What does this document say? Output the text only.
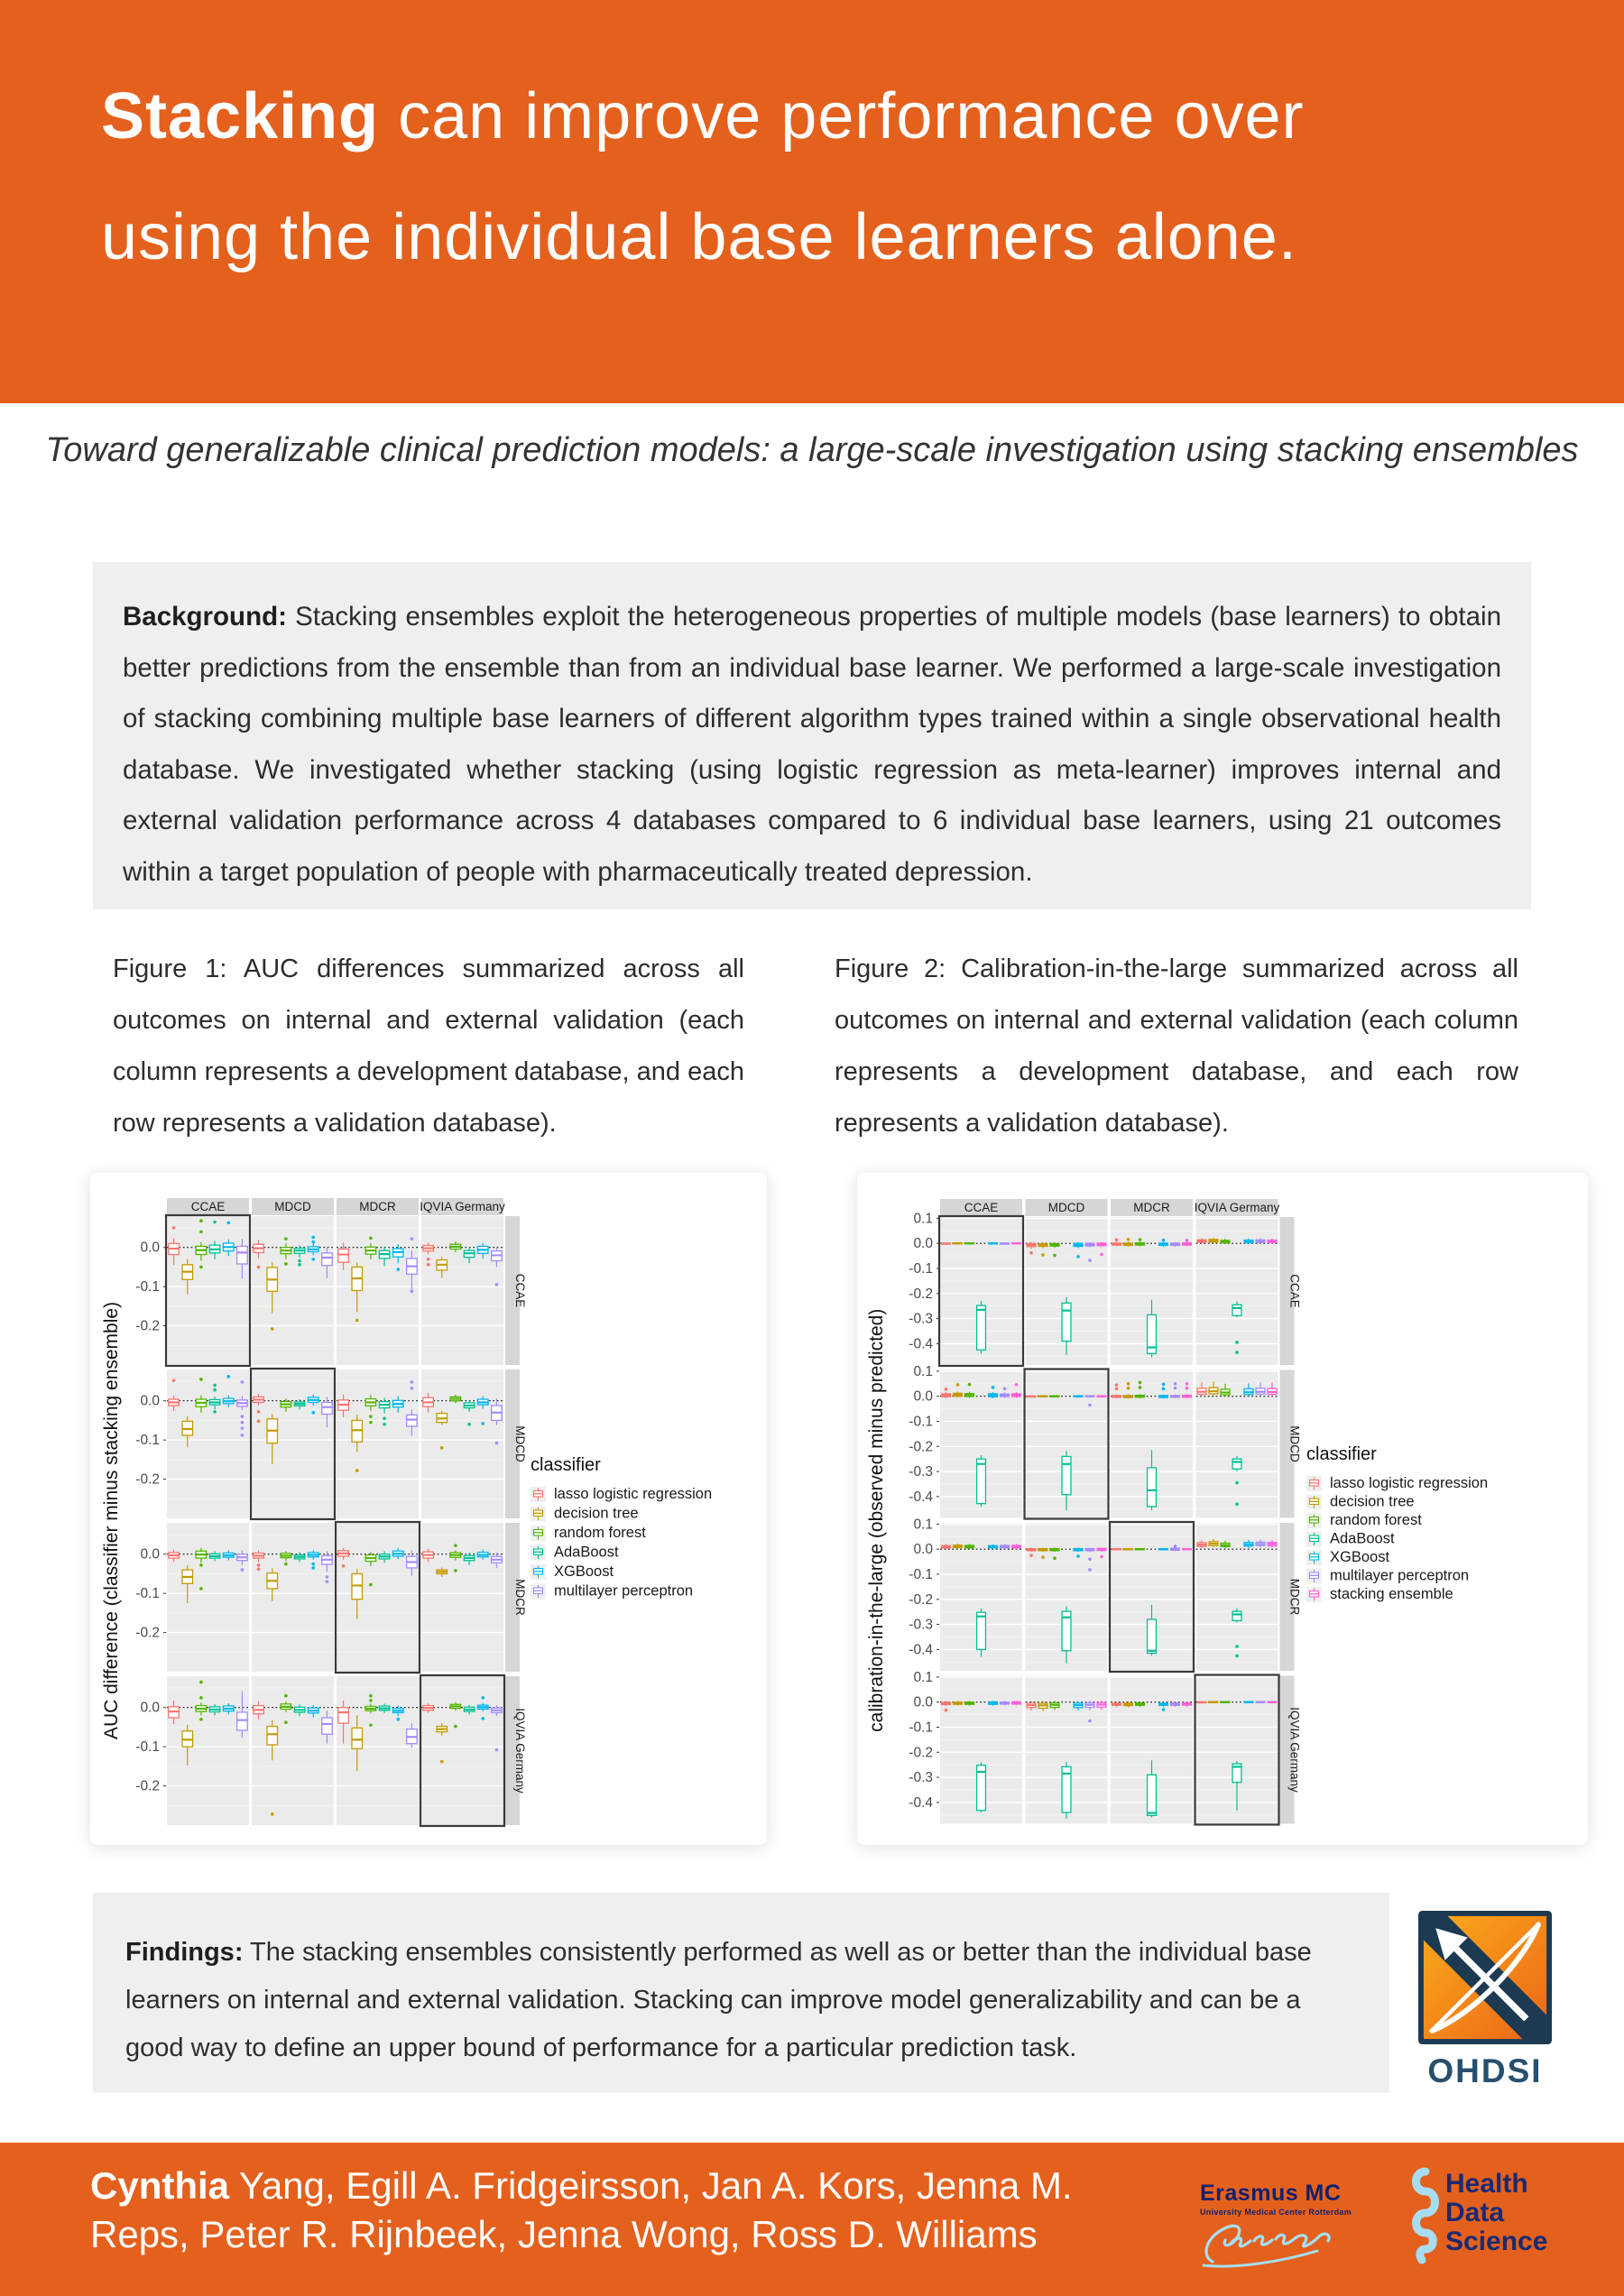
Stacking can improve performance over
using the individual base learners alone.
Toward generalizable clinical prediction models: a large-scale investigation using stacking ensembles
Background: Stacking ensembles exploit the heterogeneous properties of multiple models (base learners) to obtain better predictions from the ensemble than from an individual base learner. We performed a large-scale investigation of stacking combining multiple base learners of different algorithm types trained within a single observational health database. We investigated whether stacking (using logistic regression as meta-learner) improves internal and external validation performance across 4 databases compared to 6 individual base learners, using 21 outcomes within a target population of people with pharmaceutically treated depression.
Figure 1: AUC differences summarized across all outcomes on internal and external validation (each column represents a development database, and each row represents a validation database).
Figure 2: Calibration-in-the-large summarized across all outcomes on internal and external validation (each column represents a development database, and each row represents a validation database).
AUC difference (classifier minus stacking ensemble)
CCAE	MDCD	MDCR IQVIA Germany
CCAE
0.0
-0.1
-0.2
MDCD
0.0
-0.1
-0.2
MDCR
0.0
-0.1
-0.2
IQVIA Germany
0.0
-0.1
-0.2
classifier
lasso logistic regression
decision tree
random forest
AdaBoost
XGBoost
multilayer perceptron	calibration-in-the-large (observed minus predicted)
CCAE	MDCD	MDCR IQVIA Germany
CCAE
0.1
0.0
-0.1
-0.2
-0.3
-0.4
MDCD
0.1
0.0
-0.1
-0.2
-0.3
-0.4
MDCR
0.1
0.0
-0.1
-0.2
-0.3
-0.4
IQVIA Germany
0.1
0.0
-0.1
-0.2
-0.3
-0.4
classifier
lasso logistic regression
decision tree
random forest
AdaBoost
XGBoost
multilayer perceptron
stacking ensemble
Findings: The stacking ensembles consistently performed as well as or better than the individual base learners on internal and external validation. Stacking can improve model generalizability and can be a good way to define an upper bound of performance for a particular prediction task.
OHDSI
Cynthia Yang, Egill A. Fridgeirsson, Jan A. Kors, Jenna M.
Reps, Peter R. Rijnbeek, Jenna Wong, Ross D. Williams
Erasmus MC
University Medical Center Rotterdam
Health
Data
Science
